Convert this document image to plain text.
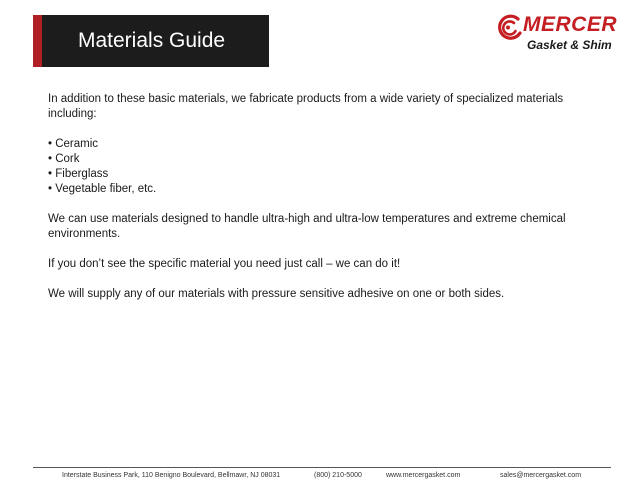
Materials Guide
MERCER
Gasket & Shim

In addition to these basic materials, we fabricate products from a wide variety of specialized materials including:

• Ceramic
• Cork
• Fiberglass
• Vegetable fiber, etc.

We can use materials designed to handle ultra-high and ultra-low temperatures and extreme chemical environments.

If you don’t see the specific material you need just call – we can do it!

We will supply any of our materials with pressure sensitive adhesive on one or both sides.

Interstate Business Park, 110 Benigno Boulevard, Bellmawr, NJ 08031	(800) 210-5000	www.mercergasket.com	sales@mercergasket.com
